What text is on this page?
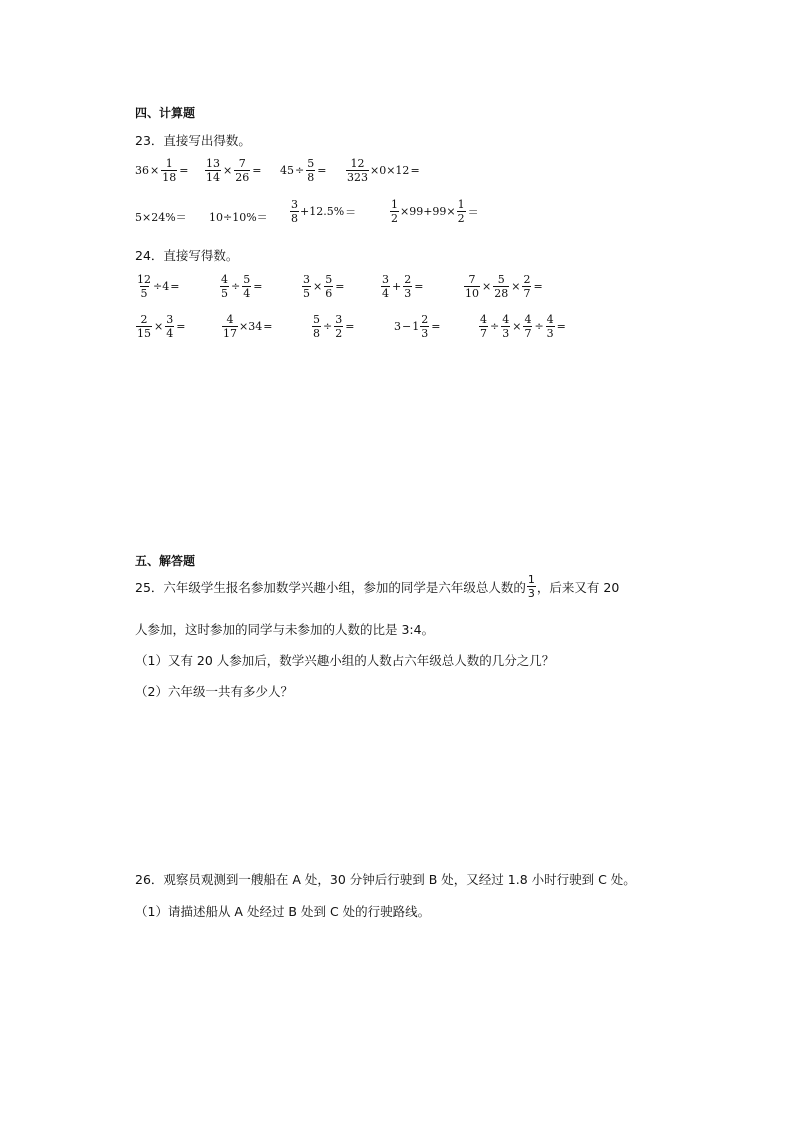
四、计算题
23．直接写出得数。
$36 \times \frac{1}{18} = \frac{13}{14} \times \frac{7}{26} = 45 \div \frac{5}{8} = \frac{12}{323} \times 0\times 12$ =
$5\times 24\%= 10\div 10\%= \frac{3}{8} +12.5\%$ ＝	$\frac{1}{2} \times 99+99\times \frac{1}{2}$ ＝
24．直接写得数。
$\frac{12}{5} \div 4$ =	$\frac{4}{5} \div \frac{5}{4}$ =	$\frac{3}{5} \times \frac{5}{6}$ =	$\frac{3}{4} + \frac{2}{3}$ =	$\frac{7}{10} \times \frac{5}{28} \times \frac{2}{7}$ =
$\frac{2}{15} \times \frac{3}{4}$ =	$\frac{4}{17} \times 34$ =	$\frac{5}{8} \div \frac{3}{2}$ =	$3 - 1 \frac{2}{3}$ =	$\frac{4}{7} \div \frac{4}{3} \times \frac{4}{7} \div \frac{4}{3}$ =
五、解答题
25．六年级学生报名参加数学兴趣小组，参加的同学是六年级总人数的 $\frac{1}{3}$ ，后来又有 20
人参加，这时参加的同学与未参加的人数的比是 3:4。
（1）又有 20 人参加后，数学兴趣小组的人数占六年级总人数的几分之几？
（2）六年级一共有多少人？
26．观察员观测到一艘船在 A 处，30 分钟后行驶到 B 处，又经过 1.8 小时行驶到 C 处。
（1）请描述船从 A 处经过 B 处到 C 处的行驶路线。
